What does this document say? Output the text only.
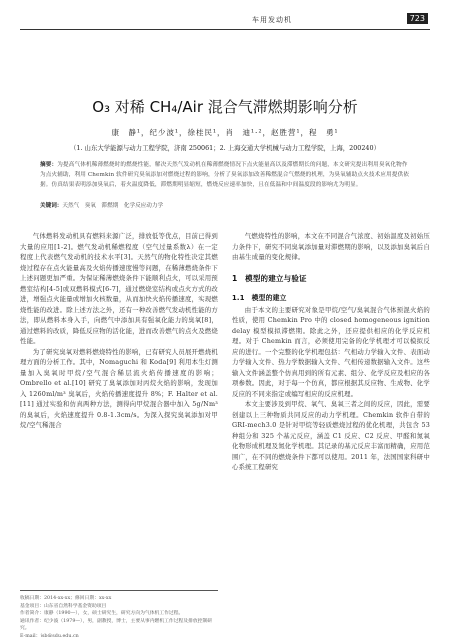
车用发动机	723
O₃ 对稀 CH₄/Air 混合气滞燃期影响分析
康　静¹，纪少波¹，徐桂民¹，肖　迪¹·²，赵胜营¹，程　勇¹
（1. 山东大学能源与动力工程学院，济南 250061；2. 上海交通大学机械与动力工程学院，上海，200240）
摘要：为提高气体机稀薄燃烧时的燃烧性能，解决天然气发动机在稀薄燃烧情况下点火能量高以及滞燃期长的问题，本文研究提出利用臭氧化物作为点火辅助，利用 Chemkin 软件研究臭氧添加对燃烧过程的影响，分析了臭氧添加改善稀燃混合气燃烧的机理，为臭氧辅助点火技术应用提供依据。仿真结果表明添加臭氧后，着火温度降低，滞燃期明显缩短，燃烧反应速率加快，且在低温和中间温度段的影响尤为明显。
关键词：天然气　臭氧　滞燃期　化学反应动力学

气体燃料发动机具有燃料来源广泛，排放低等优点，目前已得到大量的应用[1-2]。燃气发动机稀燃程度（空气过量系数λ）在一定程度上代表燃气发动机的技术水平[3]。天然气的物化特性决定其燃烧过程存在点火能量高及火焰传播速度慢等问题，在稀薄燃烧条件下上述问题更加严重。为保证稀薄燃烧条件下能顺利点火，可以采用预燃室结构[4-5]或双燃料模式[6-7]，通过燃烧室结构或点火方式的改进，增强点火能量或增加火核数量，从而加快火焰传播速度，实现燃烧性能的改进。除上述方法之外，还有一种改善燃气发动机性能的方法，即从燃料本身入手，向燃气中添加具有强氧化能力的臭氧[8]，通过燃料的改质，降低反应物的活化能，进而改善燃气的点火及燃烧性能。

为了研究臭氧对燃料燃烧特性的影响，已有研究人员展开燃烧机理方面的分析工作。其中，Nomaguchi 和 Koda[9] 利用本生灯测量加入臭氧时甲烷/空气混合稀层流火焰传播速度的影响；Ombrello et al.[10] 研究了臭氧添加对丙烷火焰的影响，发现加入 1260ml/m³ 臭氧后，火焰传播速度提升 8%；F. Halter et al.[11] 通过实验和仿真两种方法，测得向甲烷混合器中加入 5g/Nm³ 的臭氧后，火焰速度提升 0.8-1.3cm/s。为深入探究臭氧添加对甲烷/空气稀混合

气燃烧特性的影响，本文在不同混合气浓度、初始温度及初始压力条件下，研究不同臭氧添加量对滞燃期的影响，以及添加臭氧后自由基生成量的变化规律。

1　模型的建立与验证
1.1　模型的建立

由于本文的主要研究对象是甲烷/空气/臭氧混合气体预混火焰的性质，使用 Chemkin Pro 中的 closed homogeneous ignition delay 模型模拟滞燃期。除此之外，还应提供相应的化学反应机理。对于 Chemkin 而言，必须使用完备的化学机理才可以模拟反应的进行。一个完整的化学机理包括：气相动力学输入文件、表面动力学输入文件、热力学数据输入文件、气相传递数据输入文件。这些输入文件涵盖整个仿真用到的所有元素、组分、化学反应及相应的各项参数。因此，对于每一个仿真，都应根据其反应物、生成物、化学反应的不同来指定或编写相应的反应机理。

本文主要涉及到甲烷、氧气、臭氧三者之间的反应，因此，需要创建以上三种物质共同反应的动力学机理。Chemkin 软件自带的 GRI-mech3.0 是针对甲烷等轻质燃烧过程的优化机理，共包含 53 种组分和 325 个基元反应，涵盖 C1 反应、C2 反应、甲醛和氮氧化物形成机理及氮化学机理。其记录的基元反应丰富而精确，应用范围广，在不同的燃烧条件下都可以使用。2011 年，法国国家科研中心系统工程研究

收稿日期：2014-xx-xx；修回日期：xx-xx
基金项目：山东省自然科学基金资助项目
作者简介：康静（1990—），女，硕士研究生，研究方向为气体机工作过程。
通讯作者：纪少波（1979—），男，副教授，博士，主要从事内燃机工作过程及排放控制研究。
E-mail：jsb@sdu.edu.cn
